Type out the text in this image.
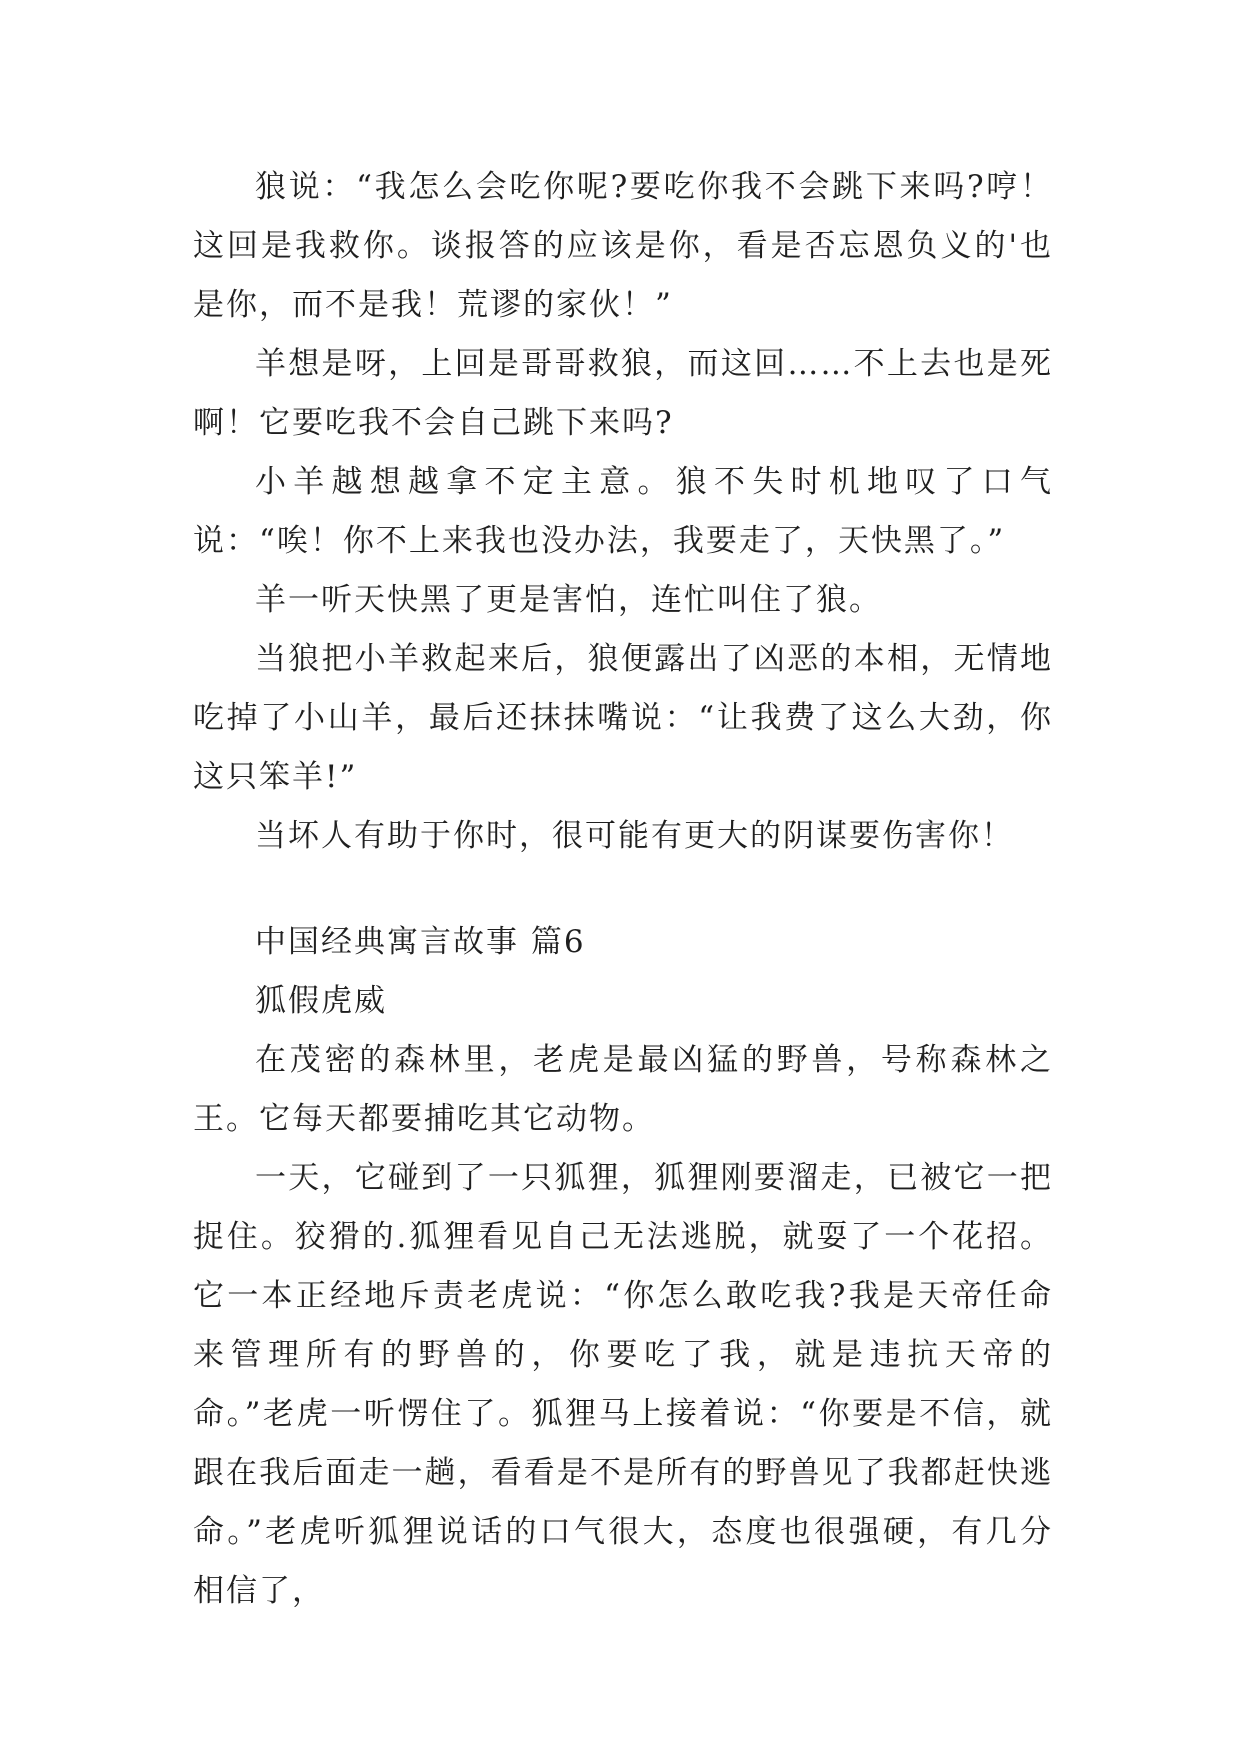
狼说：“我怎么会吃你呢?要吃你我不会跳下来吗?哼！这回是我救你。谈报答的应该是你，看是否忘恩负义的'也是你，而不是我！荒谬的家伙！”

羊想是呀，上回是哥哥救狼，而这回……不上去也是死啊！它要吃我不会自己跳下来吗?

小羊越想越拿不定主意。狼不失时机地叹了口气说：“唉！你不上来我也没办法，我要走了，天快黑了。”

羊一听天快黑了更是害怕，连忙叫住了狼。

当狼把小羊救起来后，狼便露出了凶恶的本相，无情地吃掉了小山羊，最后还抹抹嘴说：“让我费了这么大劲，你这只笨羊!”

当坏人有助于你时，很可能有更大的阴谋要伤害你！

中国经典寓言故事 篇6

狐假虎威

在茂密的森林里，老虎是最凶猛的野兽，号称森林之王。它每天都要捕吃其它动物。

一天，它碰到了一只狐狸，狐狸刚要溜走，已被它一把捉住。狡猾的.狐狸看见自己无法逃脱，就耍了一个花招。它一本正经地斥责老虎说：“你怎么敢吃我?我是天帝任命来管理所有的野兽的，你要吃了我，就是违抗天帝的命。”老虎一听愣住了。狐狸马上接着说：“你要是不信，就跟在我后面走一趟，看看是不是所有的野兽见了我都赶快逃命。”老虎听狐狸说话的口气很大，态度也很强硬，有几分相信了，
